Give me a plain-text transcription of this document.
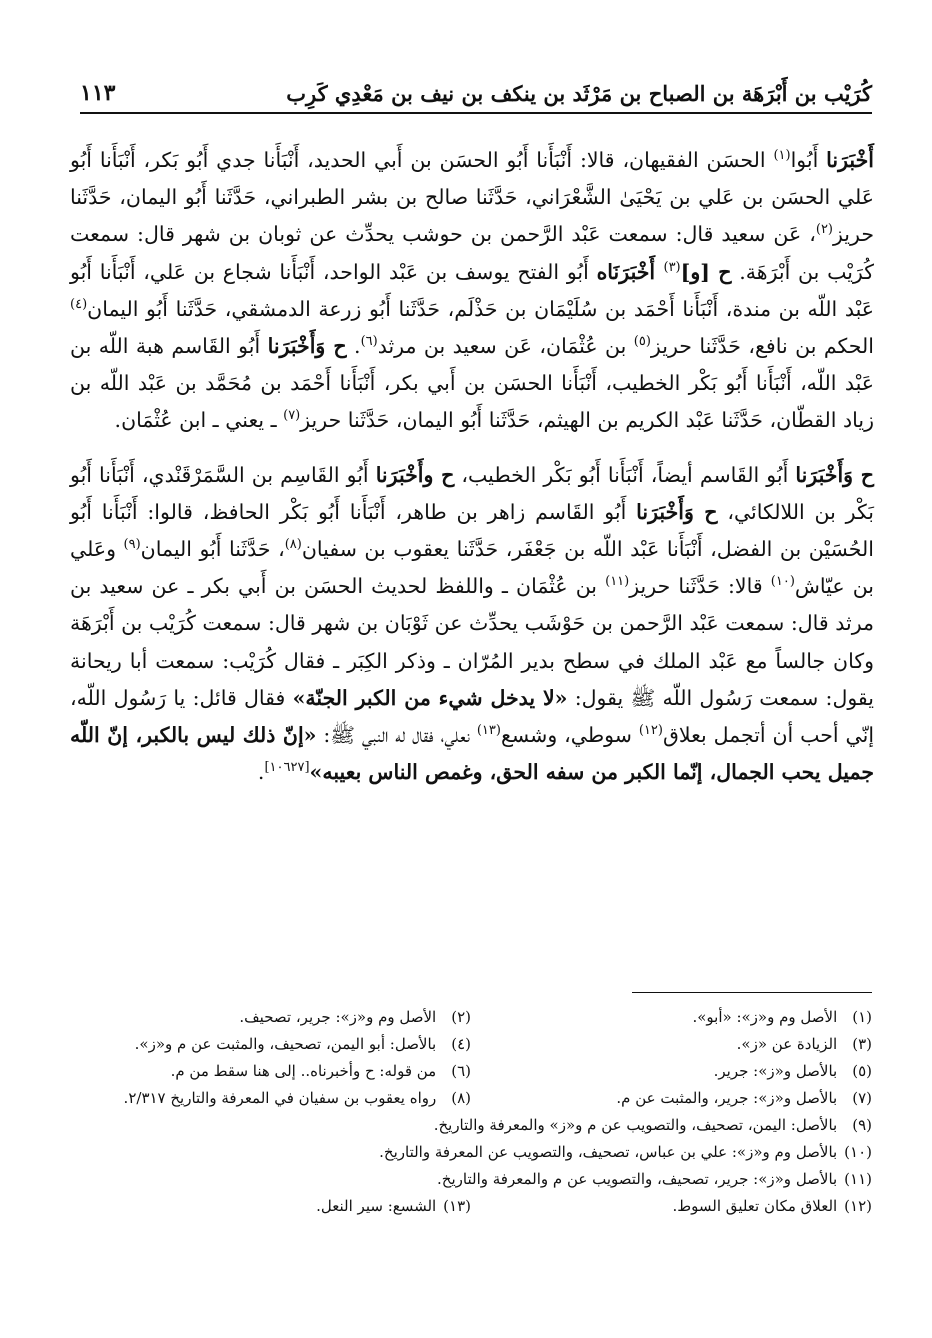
كُرَيْب بن أَبْرَهَة بن الصباح بن مَرْثَد بن ينكف بن نيف بن مَعْدِي كَرِب
١١٣

أَخْبَرَنا أَبُوا$^{(١)}$ الحسَن الفقيهان، قالا: أَنْبَأَنا أَبُو الحسَن بن أَبي الحديد، أَنْبَأَنا جدي أَبُو بَكر، أَنْبَأَنا أَبُو عَلي الحسَن بن عَلي بن يَحْيَىٰ الشَّعْرَاني، حَدَّثَنا صالح بن بشر الطبراني، حَدَّثَنا أَبُو اليمان، حَدَّثَنا حريز$^{(٢)}$، عَن سعيد قال: سمعت عَبْد الرَّحمن بن حوشب يحدِّث عن ثوبان بن شهر قال: سمعت كُرَيْب بن أَبْرَهَة. ح [و]$^{(٣)}$ أَخْبَرَنَاه أَبُو الفتح يوسف بن عَبْد الواحد، أَنْبَأَنا شجاع بن عَلي، أَنْبَأَنا أَبُو عَبْد اللّه بن مندة، أَنْبَأَنا أَحْمَد بن سُلَيْمَان بن حَذْلَم، حَدَّثَنا أَبُو زرعة الدمشقي، حَدَّثَنا أَبُو اليمان$^{(٤)}$ الحكم بن نافع، حَدَّثَنا حريز$^{(٥)}$ بن عُثْمَان، عَن سعيد بن مرثد$^{(٦)}$. ح وَأَخْبَرَنا أَبُو القَاسم هبة اللّه بن عَبْد اللّه، أَنْبَأَنا أَبُو بَكْر الخطيب، أَنْبَأَنا الحسَن بن أَبي بكر، أَنْبَأَنا أَحْمَد بن مُحَمَّد بن عَبْد اللّه بن زياد القطّان، حَدَّثَنا عَبْد الكريم بن الهيثم، حَدَّثَنا أَبُو اليمان، حَدَّثَنا حريز$^{(٧)}$ ـ يعني ـ ابن عُثْمَان.

ح وَأَخْبَرَنا أَبُو القَاسم أيضاً، أَنْبَأَنا أَبُو بَكْر الخطيب، ح وأَخْبَرَنا أَبُو القَاسِم بن السَّمَرْقَنْدي، أَنْبَأَنا أَبُو بَكْر بن اللالكائي، ح وَأَخْبَرَنا أَبُو القَاسم زاهر بن طاهر، أَنْبَأَنا أَبُو بَكْر الحافظ، قالوا: أَنْبَأَنا أَبُو الحُسَيْن بن الفضل، أَنْبَأَنا عَبْد اللّه بن جَعْفَر، حَدَّثَنا يعقوب بن سفيان$^{(٨)}$، حَدَّثَنا أَبُو اليمان$^{(٩)}$ وعَلي بن عيّاش$^{(١٠)}$ قالا: حَدَّثَنا حريز$^{(١١)}$ بن عُثْمَان ـ واللفظ لحديث الحسَن بن أَبي بكر ـ عن سعيد بن مرثد قال: سمعت عَبْد الرَّحمن بن حَوْشَب يحدِّث عن ثَوْبَان بن شهر قال: سمعت كُرَيْب بن أَبْرَهَة وكان جالساً مع عَبْد الملك في سطح بدير المُرّان ـ وذكر الكِبَر ـ فقال كُرَيْب: سمعت أبا ريحانة يقول: سمعت رَسُول اللّه ﷺ يقول: «لا يدخل شيء من الكبر الجنّة» فقال قائل: يا رَسُول اللّه، إنّي أحب أن أتجمل بعلاق$^{(١٢)}$ سوطي، وشسع$^{(١٣)}$ نعلي، فقال له النبي ﷺ: «إنّ ذلك ليس بالكبر، إنّ اللّه جميل يحب الجمال، إنّما الكبر من سفه الحق، وغمص الناس بعيبه»[١٠٦٢٧].

(١) الأصل وم و«ز»: «أبو».
(٢) الأصل وم و«ز»: جرير، تصحيف.
(٣) الزيادة عن «ز».
(٤) بالأصل: أبو اليمن، تصحيف، والمثبت عن م و«ز».
(٥) بالأصل و«ز»: جرير.
(٦) من قوله: ح وأخبرناه.. إلى هنا سقط من م.
(٧) بالأصل و«ز»: جرير، والمثبت عن م.
(٨) رواه يعقوب بن سفيان في المعرفة والتاريخ ٢/٣١٧.
(٩) بالأصل: اليمن، تصحيف، والتصويب عن م و«ز» والمعرفة والتاريخ.
(١٠) بالأصل وم و«ز»: علي بن عباس، تصحيف، والتصويب عن المعرفة والتاريخ.
(١١) بالأصل و«ز»: جرير، تصحيف، والتصويب عن م والمعرفة والتاريخ.
(١٢) العلاق مكان تعليق السوط.
(١٣) الشسع: سير النعل.
